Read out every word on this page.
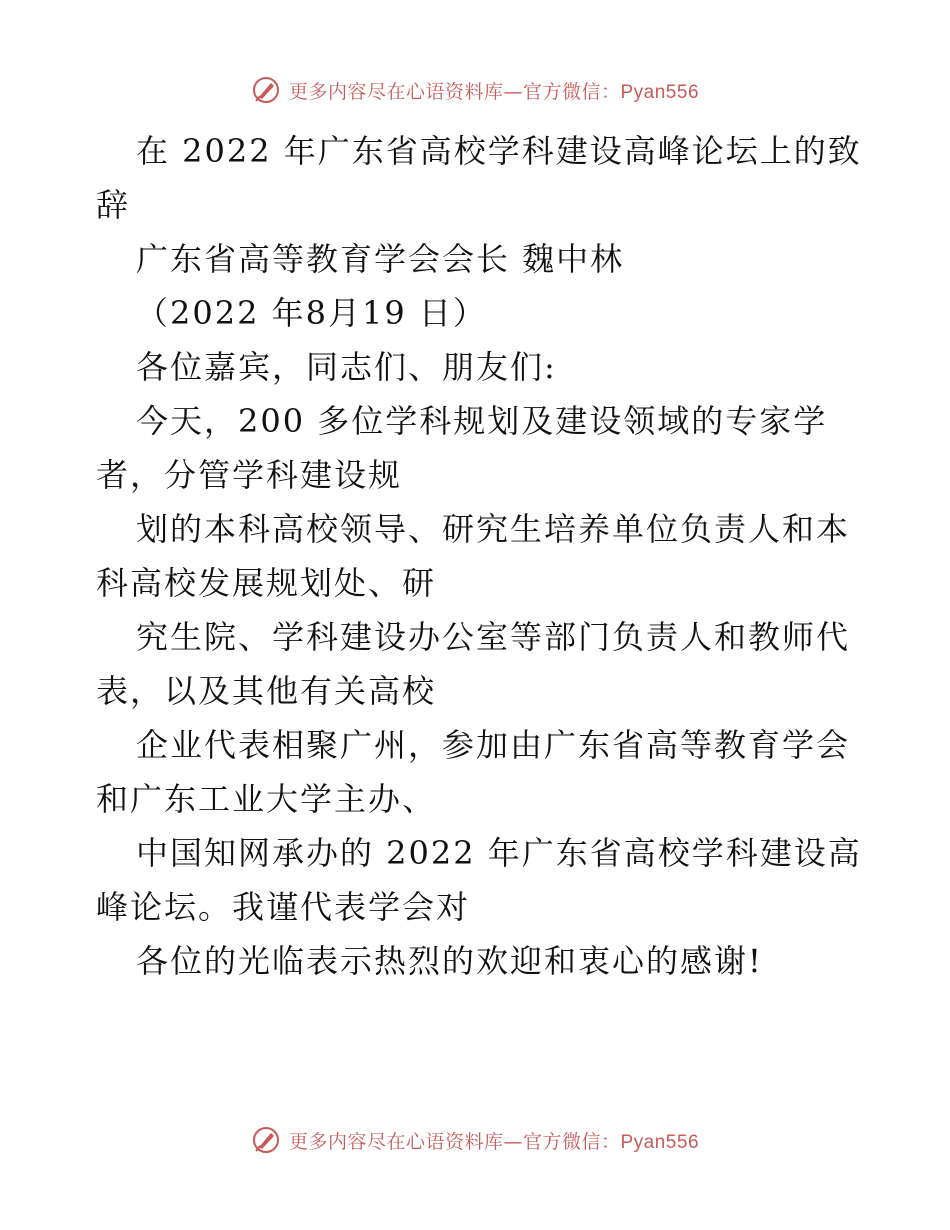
更多内容尽在心语资料库—官方微信：Pyan556
在 2022 年广东省高校学科建设高峰论坛上的致
辞
广东省高等教育学会会长 魏中林
（2022 年8月19 日）
各位嘉宾，同志们、朋友们:
今天，200 多位学科规划及建设领域的专家学
者，分管学科建设规
划的本科高校领导、研究生培养单位负责人和本
科高校发展规划处、研
究生院、学科建设办公室等部门负责人和教师代
表，以及其他有关高校
企业代表相聚广州，参加由广东省高等教育学会
和广东工业大学主办、
中国知网承办的 2022 年广东省高校学科建设高
峰论坛。我谨代表学会对
各位的光临表示热烈的欢迎和衷心的感谢!
更多内容尽在心语资料库—官方微信：Pyan556
